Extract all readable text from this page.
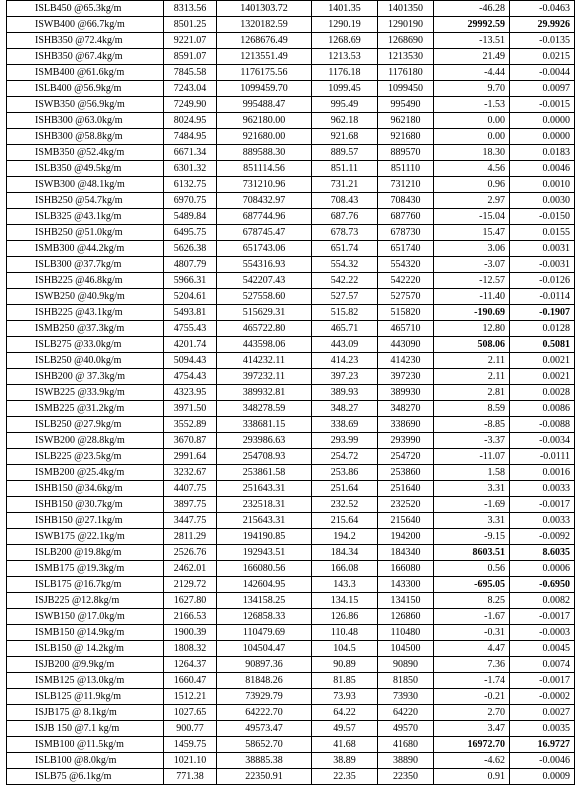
ISLB450 @65.3kg/m	8313.56	1401303.72	1401.35	1401350	-46.28	-0.0463
ISWB400 @66.7kg/m	8501.25	1320182.59	1290.19	1290190	29992.59	29.9926
ISHB350 @72.4kg/m	9221.07	1268676.49	1268.69	1268690	-13.51	-0.0135
ISHB350 @67.4kg/m	8591.07	1213551.49	1213.53	1213530	21.49	0.0215
ISMB400 @61.6kg/m	7845.58	1176175.56	1176.18	1176180	-4.44	-0.0044
ISLB400 @56.9kg/m	7243.04	1099459.70	1099.45	1099450	9.70	0.0097
ISWB350 @56.9kg/m	7249.90	995488.47	995.49	995490	-1.53	-0.0015
ISHB300 @63.0kg/m	8024.95	962180.00	962.18	962180	0.00	0.0000
ISHB300 @58.8kg/m	7484.95	921680.00	921.68	921680	0.00	0.0000
ISMB350 @52.4kg/m	6671.34	889588.30	889.57	889570	18.30	0.0183
ISLB350 @49.5kg/m	6301.32	851114.56	851.11	851110	4.56	0.0046
ISWB300 @48.1kg/m	6132.75	731210.96	731.21	731210	0.96	0.0010
ISHB250 @54.7kg/m	6970.75	708432.97	708.43	708430	2.97	0.0030
ISLB325 @43.1kg/m	5489.84	687744.96	687.76	687760	-15.04	-0.0150
ISHB250 @51.0kg/m	6495.75	678745.47	678.73	678730	15.47	0.0155
ISMB300 @44.2kg/m	5626.38	651743.06	651.74	651740	3.06	0.0031
ISLB300 @37.7kg/m	4807.79	554316.93	554.32	554320	-3.07	-0.0031
ISHB225 @46.8kg/m	5966.31	542207.43	542.22	542220	-12.57	-0.0126
ISWB250 @40.9kg/m	5204.61	527558.60	527.57	527570	-11.40	-0.0114
ISHB225 @43.1kg/m	5493.81	515629.31	515.82	515820	-190.69	-0.1907
ISMB250 @37.3kg/m	4755.43	465722.80	465.71	465710	12.80	0.0128
ISLB275 @33.0kg/m	4201.74	443598.06	443.09	443090	508.06	0.5081
ISLB250 @40.0kg/m	5094.43	414232.11	414.23	414230	2.11	0.0021
ISHB200 @ 37.3kg/m	4754.43	397232.11	397.23	397230	2.11	0.0021
ISWB225 @33.9kg/m	4323.95	389932.81	389.93	389930	2.81	0.0028
ISMB225 @31.2kg/m	3971.50	348278.59	348.27	348270	8.59	0.0086
ISLB250 @27.9kg/m	3552.89	338681.15	338.69	338690	-8.85	-0.0088
ISWB200 @28.8kg/m	3670.87	293986.63	293.99	293990	-3.37	-0.0034
ISLB225 @23.5kg/m	2991.64	254708.93	254.72	254720	-11.07	-0.0111
ISMB200 @25.4kg/m	3232.67	253861.58	253.86	253860	1.58	0.0016
ISHB150 @34.6kg/m	4407.75	251643.31	251.64	251640	3.31	0.0033
ISHB150 @30.7kg/m	3897.75	232518.31	232.52	232520	-1.69	-0.0017
ISHB150 @27.1kg/m	3447.75	215643.31	215.64	215640	3.31	0.0033
ISWB175 @22.1kg/m	2811.29	194190.85	194.2	194200	-9.15	-0.0092
ISLB200 @19.8kg/m	2526.76	192943.51	184.34	184340	8603.51	8.6035
ISMB175 @19.3kg/m	2462.01	166080.56	166.08	166080	0.56	0.0006
ISLB175 @16.7kg/m	2129.72	142604.95	143.3	143300	-695.05	-0.6950
ISJB225 @12.8kg/m	1627.80	134158.25	134.15	134150	8.25	0.0082
ISWB150 @17.0kg/m	2166.53	126858.33	126.86	126860	-1.67	-0.0017
ISMB150 @14.9kg/m	1900.39	110479.69	110.48	110480	-0.31	-0.0003
ISLB150 @ 14.2kg/m	1808.32	104504.47	104.5	104500	4.47	0.0045
ISJB200 @9.9kg/m	1264.37	90897.36	90.89	90890	7.36	0.0074
ISMB125 @13.0kg/m	1660.47	81848.26	81.85	81850	-1.74	-0.0017
ISLB125 @11.9kg/m	1512.21	73929.79	73.93	73930	-0.21	-0.0002
ISJB175 @ 8.1kg/m	1027.65	64222.70	64.22	64220	2.70	0.0027
ISJB 150 @7.1 kg/m	900.77	49573.47	49.57	49570	3.47	0.0035
ISMB100 @11.5kg/m	1459.75	58652.70	41.68	41680	16972.70	16.9727
ISLB100 @8.0kg/m	1021.10	38885.38	38.89	38890	-4.62	-0.0046
ISLB75 @6.1kg/m	771.38	22350.91	22.35	22350	0.91	0.0009
